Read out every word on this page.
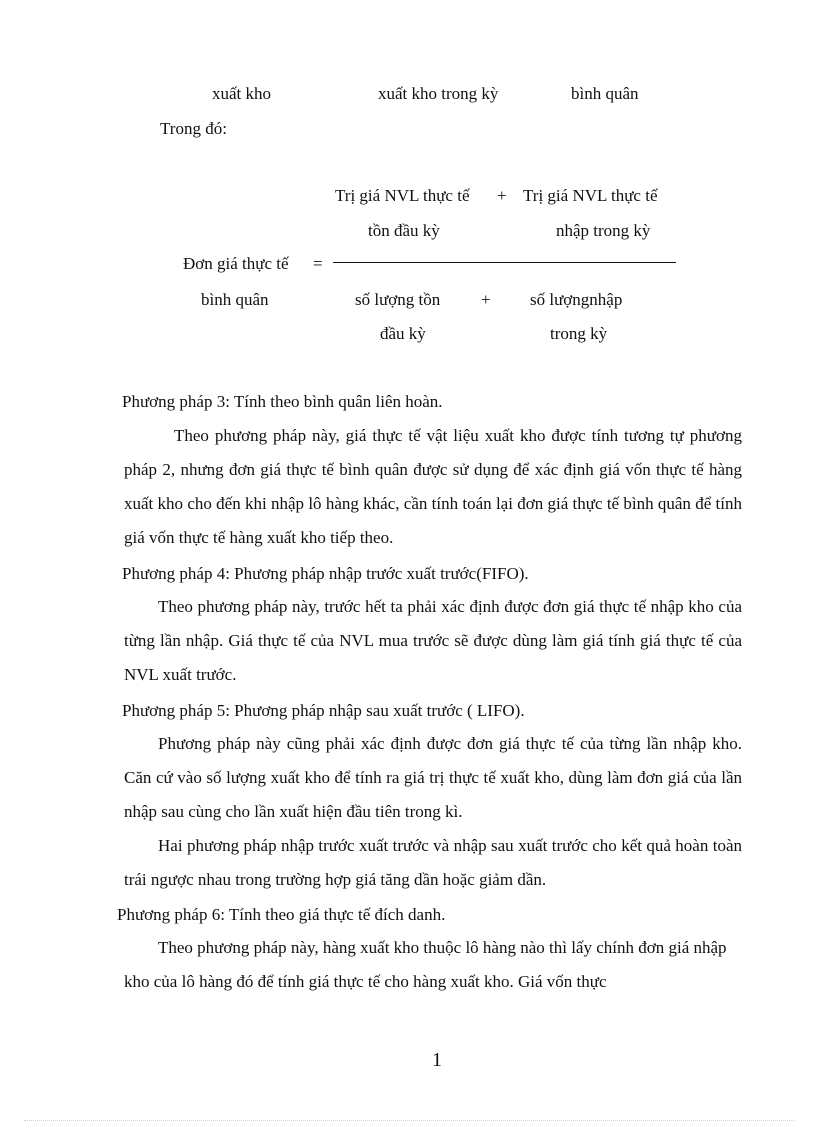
xuất kho	xuất kho trong kỳ	bình quân
Trong đó:
Trị giá NVL thực tế + Trị giá NVL thực tế
tồn đầu kỳ	nhập trong kỳ
Đơn giá thực tế =
bình quân	số lượng tồn + số lượngnhập
đầu kỳ	trong kỳ
Phương pháp 3: Tính theo bình quân liên hoàn.

Theo phương pháp này, giá thực tế vật liệu xuất kho được tính tương tự phương pháp 2, nhưng đơn giá thực tế bình quân được sử dụng để xác định giá vốn thực tế hàng xuất kho cho đến khi nhập lô hàng khác, cần tính toán lại đơn giá thực tế bình quân để tính giá vốn thực tế hàng xuất kho tiếp theo.

Phương pháp 4: Phương pháp nhập trước xuất trước(FIFO).

Theo phương pháp này, trước hết ta phải xác định được đơn giá thực tế nhập kho của từng lần nhập. Giá thực tế của NVL mua trước sẽ được dùng làm giá tính giá thực tế của NVL xuất trước.

Phương pháp 5: Phương pháp nhập sau xuất trước ( LIFO).

Phương pháp này cũng phải xác định được đơn giá thực tế của từng lần nhập kho. Căn cứ vào số lượng xuất kho để tính ra giá trị thực tế xuất kho, dùng làm đơn giá của lần nhập sau cùng cho lần xuất hiện đầu tiên trong kì.

Hai phương pháp nhập trước xuất trước và nhập sau xuất trước cho kết quả hoàn toàn trái ngược nhau trong trường hợp giá tăng dần hoặc giảm dần.

Phương pháp 6: Tính theo giá thực tế đích danh.

Theo phương pháp này, hàng xuất kho thuộc lô hàng nào thì lấy chính đơn giá nhập kho của lô hàng đó để tính giá thực tế cho hàng xuất kho. Giá vốn thực

1
